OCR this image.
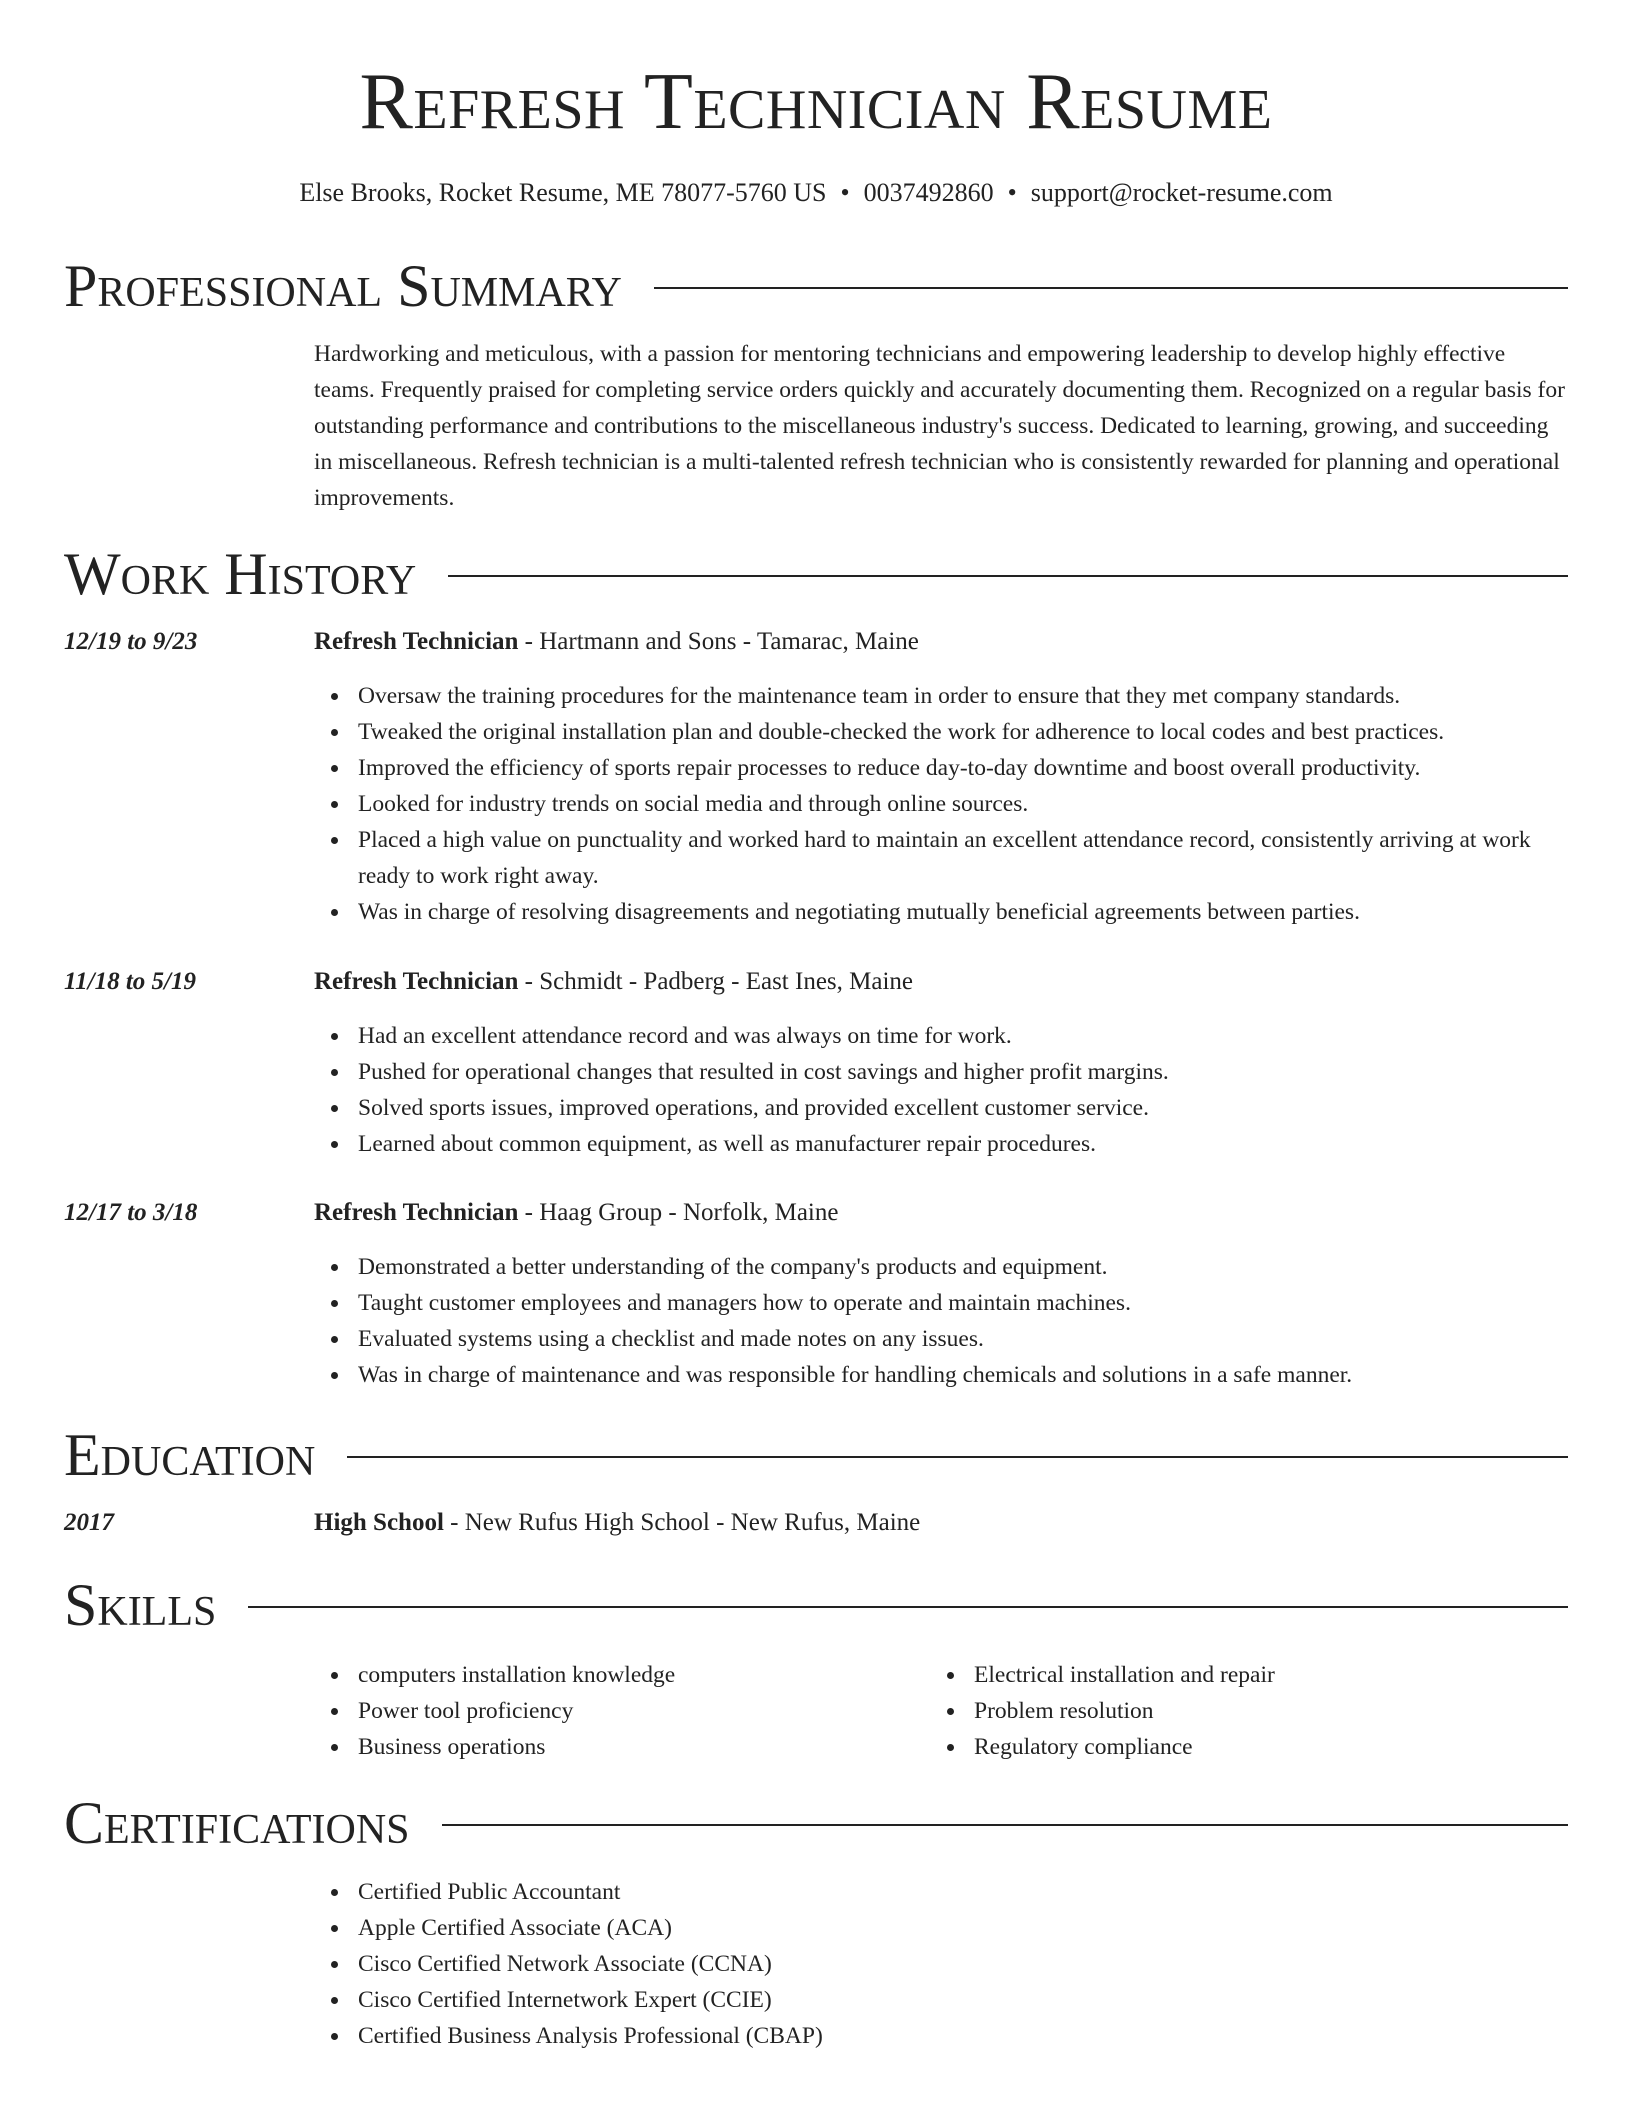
Refresh Technician Resume
Else Brooks, Rocket Resume, ME 78077-5760 US • 0037492860 • support@rocket-resume.com
Professional Summary
Hardworking and meticulous, with a passion for mentoring technicians and empowering leadership to develop highly effective teams. Frequently praised for completing service orders quickly and accurately documenting them. Recognized on a regular basis for outstanding performance and contributions to the miscellaneous industry's success. Dedicated to learning, growing, and succeeding in miscellaneous. Refresh technician is a multi-talented refresh technician who is consistently rewarded for planning and operational improvements.
Work History
12/19 to 9/23	Refresh Technician - Hartmann and Sons - Tamarac, Maine
Oversaw the training procedures for the maintenance team in order to ensure that they met company standards.
Tweaked the original installation plan and double-checked the work for adherence to local codes and best practices.
Improved the efficiency of sports repair processes to reduce day-to-day downtime and boost overall productivity.
Looked for industry trends on social media and through online sources.
Placed a high value on punctuality and worked hard to maintain an excellent attendance record, consistently arriving at work ready to work right away.
Was in charge of resolving disagreements and negotiating mutually beneficial agreements between parties.
11/18 to 5/19	Refresh Technician - Schmidt - Padberg - East Ines, Maine
Had an excellent attendance record and was always on time for work.
Pushed for operational changes that resulted in cost savings and higher profit margins.
Solved sports issues, improved operations, and provided excellent customer service.
Learned about common equipment, as well as manufacturer repair procedures.
12/17 to 3/18	Refresh Technician - Haag Group - Norfolk, Maine
Demonstrated a better understanding of the company's products and equipment.
Taught customer employees and managers how to operate and maintain machines.
Evaluated systems using a checklist and made notes on any issues.
Was in charge of maintenance and was responsible for handling chemicals and solutions in a safe manner.
Education
2017	High School - New Rufus High School - New Rufus, Maine
Skills
computers installation knowledge
Power tool proficiency
Business operations
Electrical installation and repair
Problem resolution
Regulatory compliance
Certifications
Certified Public Accountant
Apple Certified Associate (ACA)
Cisco Certified Network Associate (CCNA)
Cisco Certified Internetwork Expert (CCIE)
Certified Business Analysis Professional (CBAP)
